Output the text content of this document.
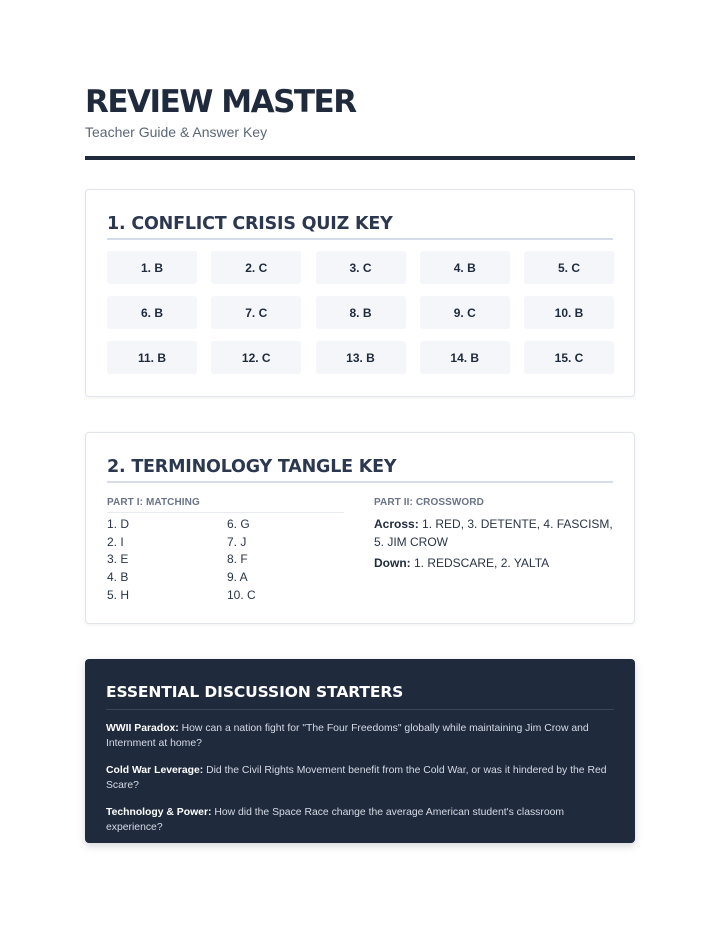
REVIEW MASTER
Teacher Guide & Answer Key
1. CONFLICT CRISIS QUIZ KEY
1. B	2. C	3. C	4. B	5. C
6. B	7. C	8. B	9. C	10. B
11. B	12. C	13. B	14. B	15. C
2. TERMINOLOGY TANGLE KEY
PART I: MATCHING
1. D	6. G
2. I	7. J
3. E	8. F
4. B	9. A
5. H	10. C
PART II: CROSSWORD
Across: 1. RED, 3. DETENTE, 4. FASCISM, 5. JIM CROW
Down: 1. REDSCARE, 2. YALTA
ESSENTIAL DISCUSSION STARTERS
WWII Paradox: How can a nation fight for "The Four Freedoms" globally while maintaining Jim Crow and Internment at home?
Cold War Leverage: Did the Civil Rights Movement benefit from the Cold War, or was it hindered by the Red Scare?
Technology & Power: How did the Space Race change the average American student's classroom experience?
